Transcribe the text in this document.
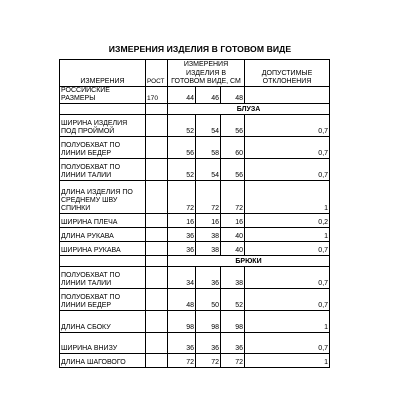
ИЗМЕРЕНИЯ ИЗДЕЛИЯ В ГОТОВОМ ВИДЕ
ИЗМЕРЕНИЯ	РОСТ	ИЗМЕРЕНИЯ ИЗДЕЛИЯ В ГОТОВОМ ВИДЕ, СМ			ДОПУСТИМЫЕ ОТКЛОНЕНИЯ
РОССИЙСКИЕ РАЗМЕРЫ	170	44	46	48	
		БЛУЗА			
ШИРИНА ИЗДЕЛИЯ ПОД ПРОЙМОЙ		52	54	56	0,7
ПОЛУОБХВАТ ПО ЛИНИИ БЕДЕР		56	58	60	0,7
ПОЛУОБХВАТ ПО ЛИНИИ ТАЛИИ		52	54	56	0,7
ДЛИНА ИЗДЕЛИЯ ПО СРЕДНЕМУ ШВУ СПИНКИ		72	72	72	1
ШИРИНА ПЛЕЧА		16	16	16	0,2
ДЛИНА РУКАВА		36	38	40	1
ШИРИНА РУКАВА		36	38	40	0,7
		БРЮКИ			
ПОЛУОБХВАТ ПО ЛИНИИ ТАЛИИ		34	36	38	0,7
ПОЛУОБХВАТ ПО ЛИНИИ БЕДЕР		48	50	52	0,7
ДЛИНА СБОКУ		98	98	98	1
ШИРИНА ВНИЗУ		36	36	36	0,7
ДЛИНА ШАГОВОГО		72	72	72	1
